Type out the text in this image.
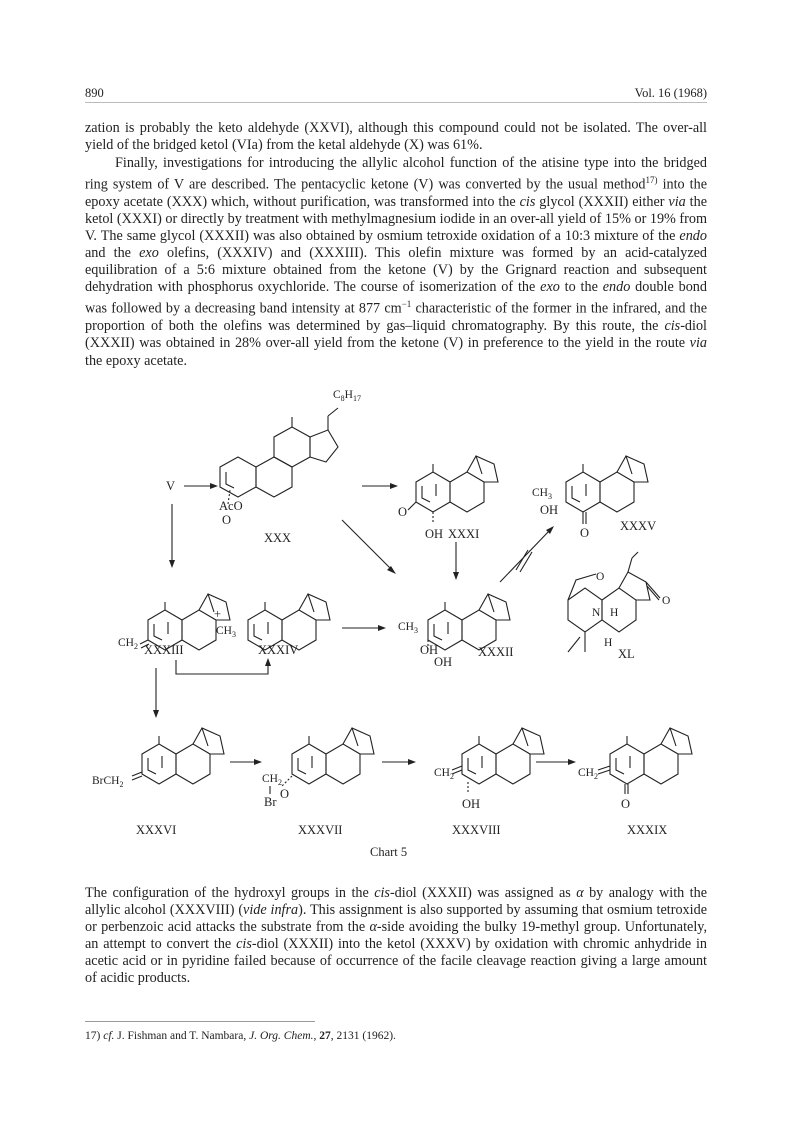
890	Vol. 16 (1968)

zation is probably the keto aldehyde (XXVI), although this compound could not be isolated. The over-all yield of the bridged ketol (VIa) from the ketal aldehyde (X) was 61%.

Finally, investigations for introducing the allylic alcohol function of the atisine type into the bridged ring system of V are described. The pentacyclic ketone (V) was converted by the usual method$^{17)}$ into the epoxy acetate (XXX) which, without purification, was transformed into the cis glycol (XXXII) either via the ketol (XXXI) or directly by treatment with methylmagnesium iodide in an over-all yield of 15% or 19% from V. The same glycol (XXXII) was also obtained by osmium tetroxide oxidation of a 10:3 mixture of the endo and the exo olefins, (XXXIV) and (XXXIII). This olefin mixture was formed by an acid-catalyzed equilibration of a 5:6 mixture obtained from the ketone (V) by the Grignard reaction and subsequent dehydration with phosphorus oxychloride. The course of isomerization of the exo to the endo double bond was followed by a decreasing band intensity at 877 $cm^{-1}$ characteristic of the former in the infrared, and the proportion of both the olefins was determined by gas–liquid chromatography. By this route, the cis-diol (XXXII) was obtained in 28% over-all yield from the ketone (V) in preference to the yield in the route via the epoxy acetate.

$C_8H_{17}$
AcO
O
XXX
V
O
OH XXXI
$CH_3$
OH
O XXXV
$CH_2$ XXXIII
+
$CH_3$
XXXIV
$CH_3$
OH
OH
XXXII
O
N H
H
O
XL
BrCH$_2$
XXXVI
$CH_2$
O
Br
XXXVII
$CH_2$
OH
XXXVIII
$CH_2$
O
XXXIX
Chart 5

The configuration of the hydroxyl groups in the cis-diol (XXXII) was assigned as α by analogy with the allylic alcohol (XXXVIII) (vide infra). This assignment is also supported by assuming that osmium tetroxide or perbenzoic acid attacks the substrate from the α-side avoiding the bulky 19-methyl group. Unfortunately, an attempt to convert the cis-diol (XXXII) into the ketol (XXXV) by oxidation with chromic anhydride in acetic acid or in pyridine failed because of occurrence of the facile cleavage reaction giving a large amount of acidic products.

17) cf. J. Fishman and T. Nambara, J. Org. Chem., 27, 2131 (1962).
